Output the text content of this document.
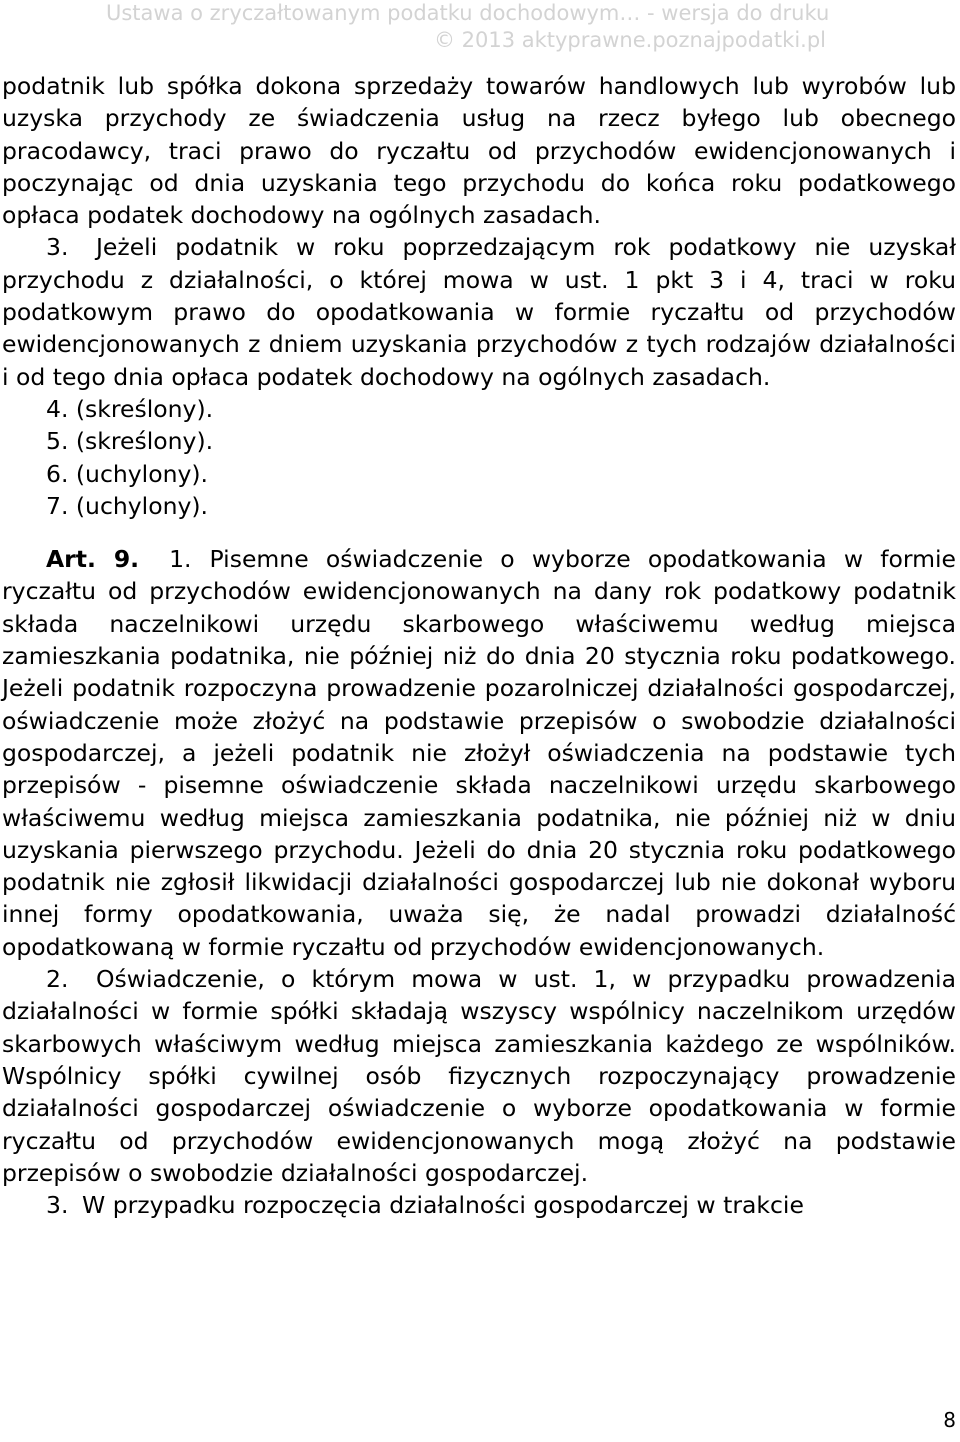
Ustawa o zryczałtowanym podatku dochodowym… - wersja do druku
© 2013 aktyprawne.poznajpodatki.pl

podatnik lub spółka dokona sprzedaży towarów handlowych lub wyrobów lub uzyska przychody ze świadczenia usług na rzecz byłego lub obecnego pracodawcy, traci prawo do ryczałtu od przychodów ewidencjonowanych i poczynając od dnia uzyskania tego przychodu do końca roku podatkowego opłaca podatek dochodowy na ogólnych zasadach.

3. Jeżeli podatnik w roku poprzedzającym rok podatkowy nie uzyskał przychodu z działalności, o której mowa w ust. 1 pkt 3 i 4, traci w roku podatkowym prawo do opodatkowania w formie ryczałtu od przychodów ewidencjonowanych z dniem uzyskania przychodów z tych rodzajów działalności i od tego dnia opłaca podatek dochodowy na ogólnych zasadach.

4. (skreślony).

5. (skreślony).

6. (uchylony).

7. (uchylony).

Art. 9. 1. Pisemne oświadczenie o wyborze opodatkowania w formie ryczałtu od przychodów ewidencjonowanych na dany rok podatkowy podatnik składa naczelnikowi urzędu skarbowego właściwemu według miejsca zamieszkania podatnika, nie później niż do dnia 20 stycznia roku podatkowego. Jeżeli podatnik rozpoczyna prowadzenie pozarolniczej działalności gospodarczej, oświadczenie może złożyć na podstawie przepisów o swobodzie działalności gospodarczej, a jeżeli podatnik nie złożył oświadczenia na podstawie tych przepisów - pisemne oświadczenie składa naczelnikowi urzędu skarbowego właściwemu według miejsca zamieszkania podatnika, nie później niż w dniu uzyskania pierwszego przychodu. Jeżeli do dnia 20 stycznia roku podatkowego podatnik nie zgłosił likwidacji działalności gospodarczej lub nie dokonał wyboru innej formy opodatkowania, uważa się, że nadal prowadzi działalność opodatkowaną w formie ryczałtu od przychodów ewidencjonowanych.

2. Oświadczenie, o którym mowa w ust. 1, w przypadku prowadzenia działalności w formie spółki składają wszyscy wspólnicy naczelnikom urzędów skarbowych właściwym według miejsca zamieszkania każdego ze wspólników. Wspólnicy spółki cywilnej osób fizycznych rozpoczynający prowadzenie działalności gospodarczej oświadczenie o wyborze opodatkowania w formie ryczałtu od przychodów ewidencjonowanych mogą złożyć na podstawie przepisów o swobodzie działalności gospodarczej.

3. W przypadku rozpoczęcia działalności gospodarczej w trakcie

8
